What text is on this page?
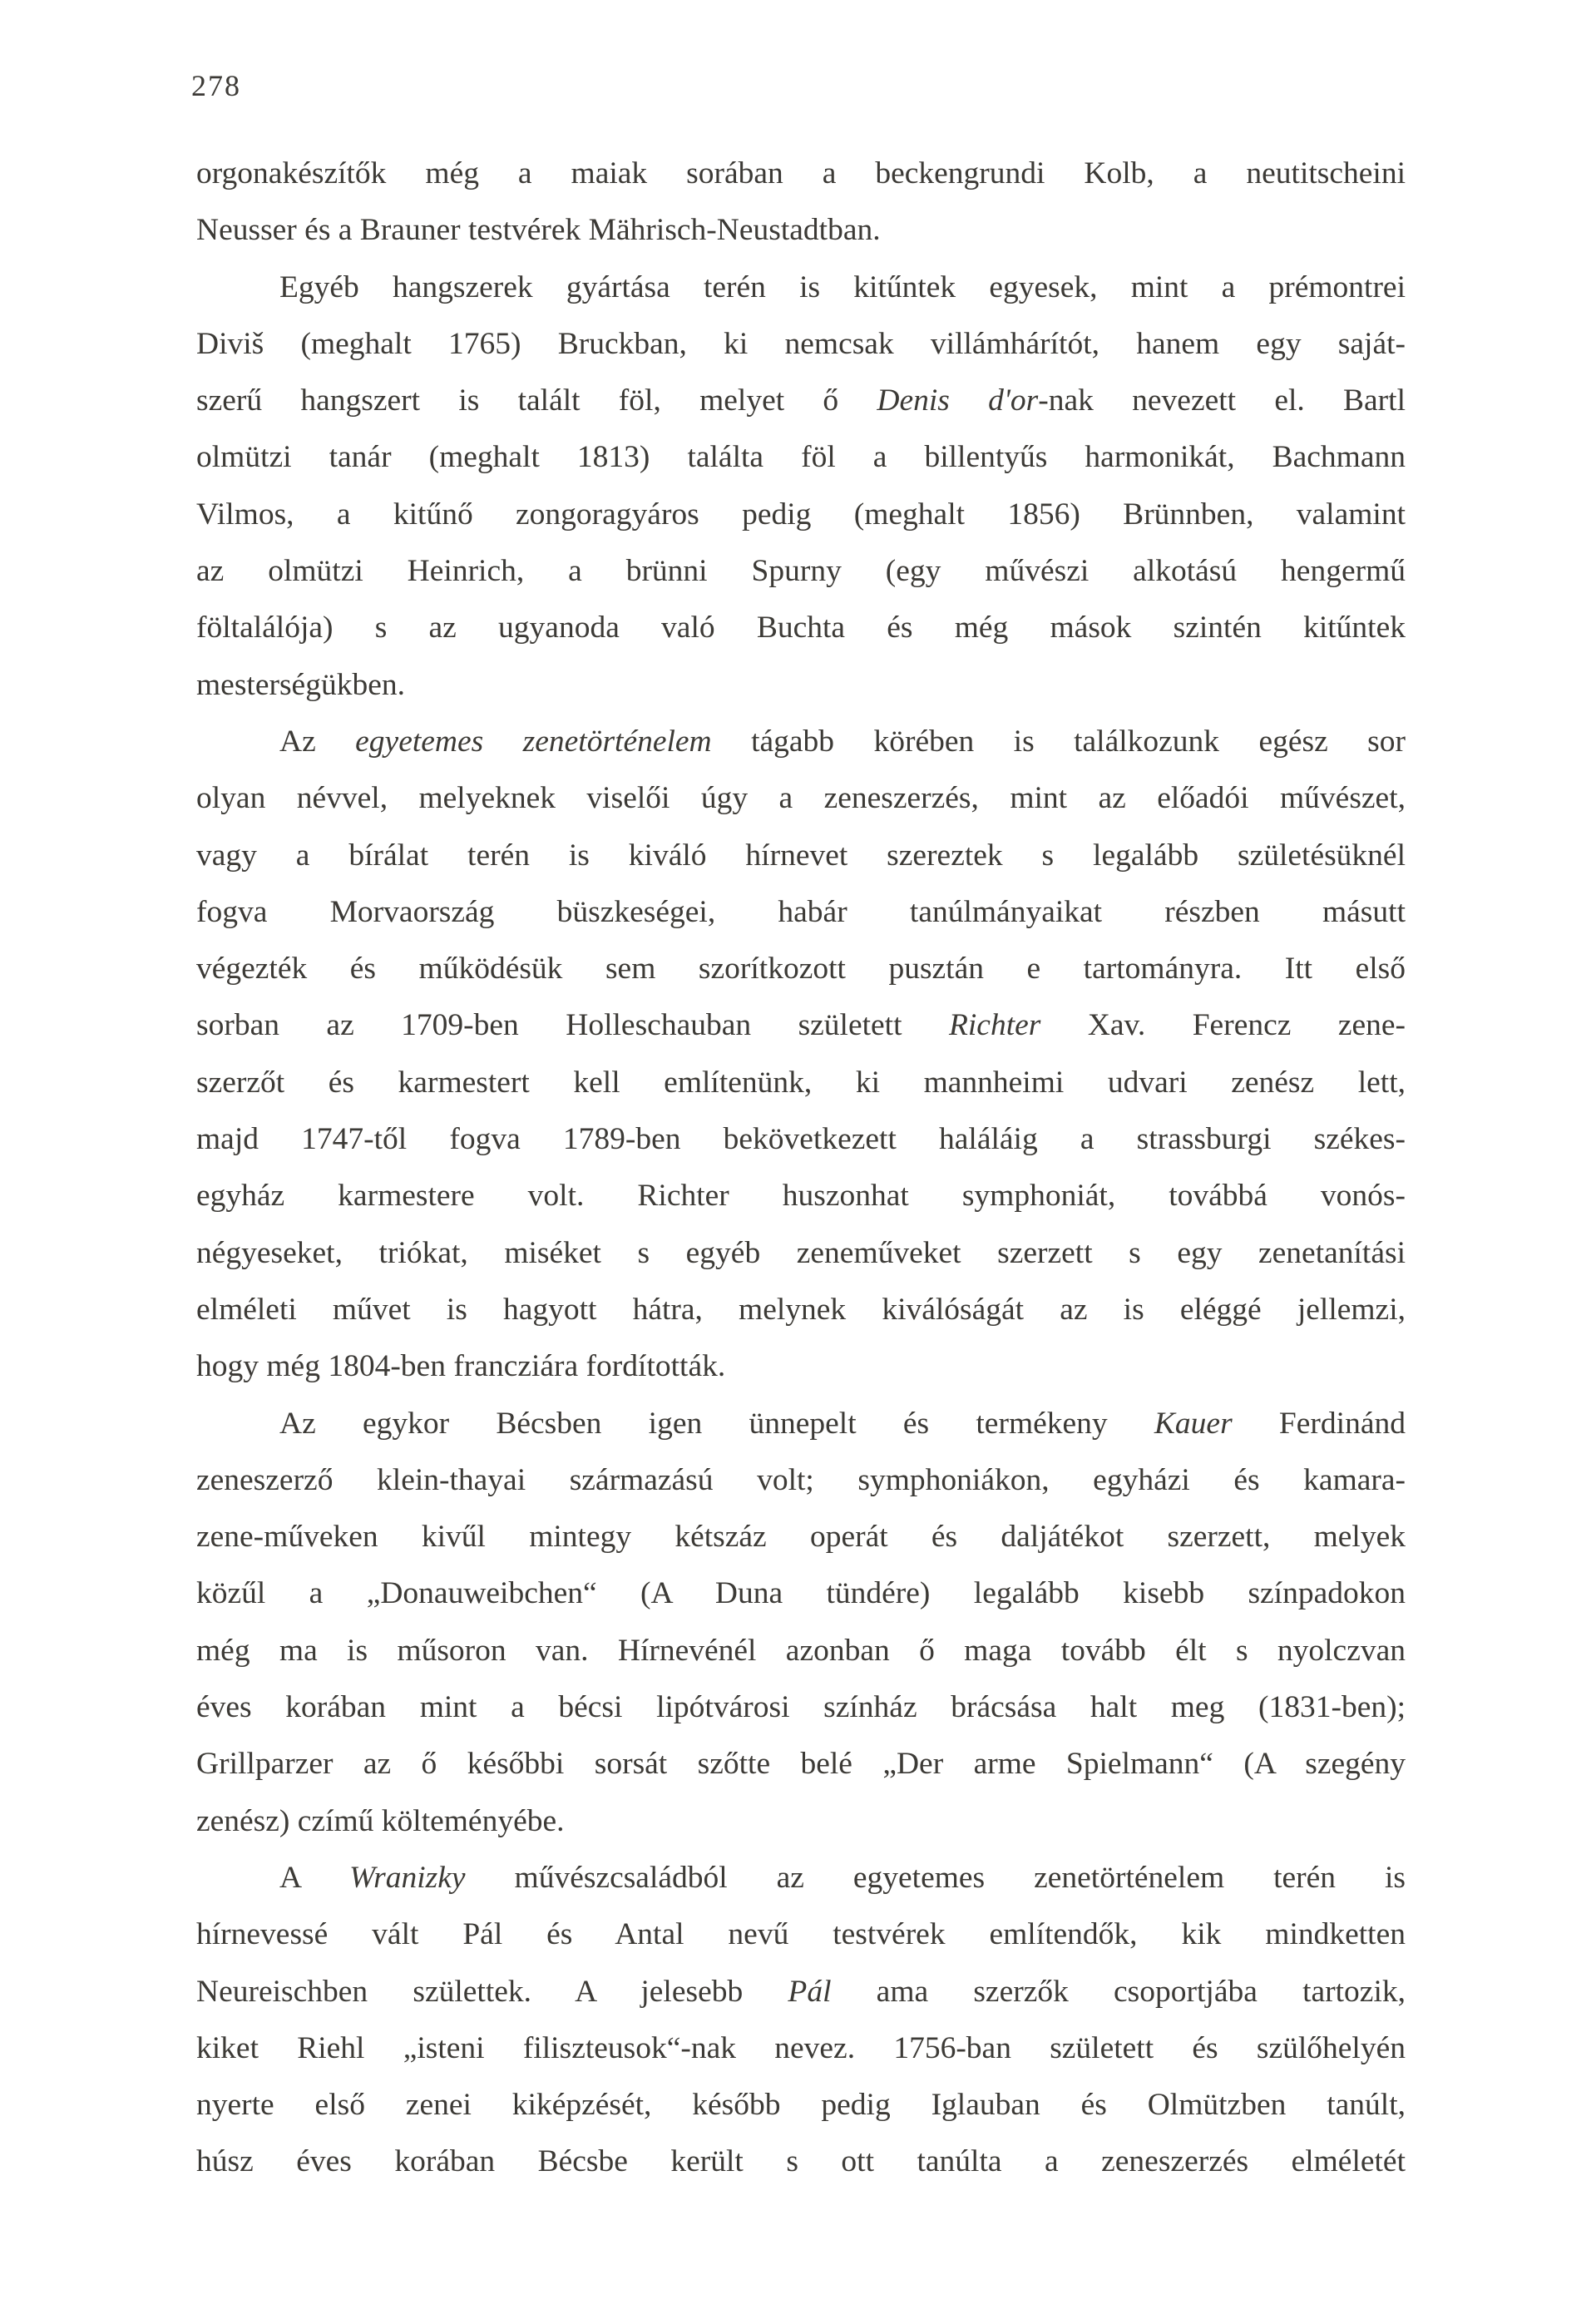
278
orgonakészítők még a maiak sorában a beckengrundi Kolb, a neutitscheini
Neusser és a Brauner testvérek Mährisch-Neustadtban.
Egyéb hangszerek gyártása terén is kitűntek egyesek, mint a prémontrei
Diviš (meghalt 1765) Bruckban, ki nemcsak villámhárítót, hanem egy saját-
szerű hangszert is talált föl, melyet ő Denis d'or-nak nevezett el. Bartl
olmützi tanár (meghalt 1813) találta föl a billentyűs harmonikát, Bachmann
Vilmos, a kitűnő zongoragyáros pedig (meghalt 1856) Brünnben, valamint
az olmützi Heinrich, a brünni Spurny (egy művészi alkotású hengermű
föltalálója) s az ugyanoda való Buchta és még mások szintén kitűntek
mesterségükben.
Az egyetemes zenetörténelem tágabb körében is találkozunk egész sor
olyan névvel, melyeknek viselői úgy a zeneszerzés, mint az előadói művészet,
vagy a bírálat terén is kiváló hírnevet szereztek s legalább születésüknél
fogva Morvaország büszkeségei, habár tanúlmányaikat részben másutt
végezték és működésük sem szorítkozott pusztán e tartományra. Itt első
sorban az 1709-ben Holleschauban született Richter Xav. Ferencz zene-
szerzőt és karmestert kell említenünk, ki mannheimi udvari zenész lett,
majd 1747-től fogva 1789-ben bekövetkezett haláláig a strassburgi székes-
egyház karmestere volt. Richter huszonhat symphoniát, továbbá vonós-
négyeseket, triókat, miséket s egyéb zeneműveket szerzett s egy zenetanítási
elméleti művet is hagyott hátra, melynek kiválóságát az is eléggé jellemzi,
hogy még 1804-ben francziára fordították.
Az egykor Bécsben igen ünnepelt és termékeny Kauer Ferdinánd
zeneszerző klein-thayai származású volt; symphoniákon, egyházi és kamara-
zene-műveken kivűl mintegy kétszáz operát és daljátékot szerzett, melyek
közűl a „Donauweibchen“ (A Duna tündére) legalább kisebb színpadokon
még ma is műsoron van. Hírnevénél azonban ő maga tovább élt s nyolczvan
éves korában mint a bécsi lipótvárosi színház brácsása halt meg (1831-ben);
Grillparzer az ő későbbi sorsát szőtte belé „Der arme Spielmann“ (A szegény
zenész) czímű költeményébe.
A Wranizky művészcsaládból az egyetemes zenetörténelem terén is
hírnevessé vált Pál és Antal nevű testvérek említendők, kik mindketten
Neureischben születtek. A jelesebb Pál ama szerzők csoportjába tartozik,
kiket Riehl „isteni filiszteusok“-nak nevez. 1756-ban született és szülőhelyén
nyerte első zenei kiképzését, később pedig Iglauban és Olmützben tanúlt,
húsz éves korában Bécsbe került s ott tanúlta a zeneszerzés elméletét
